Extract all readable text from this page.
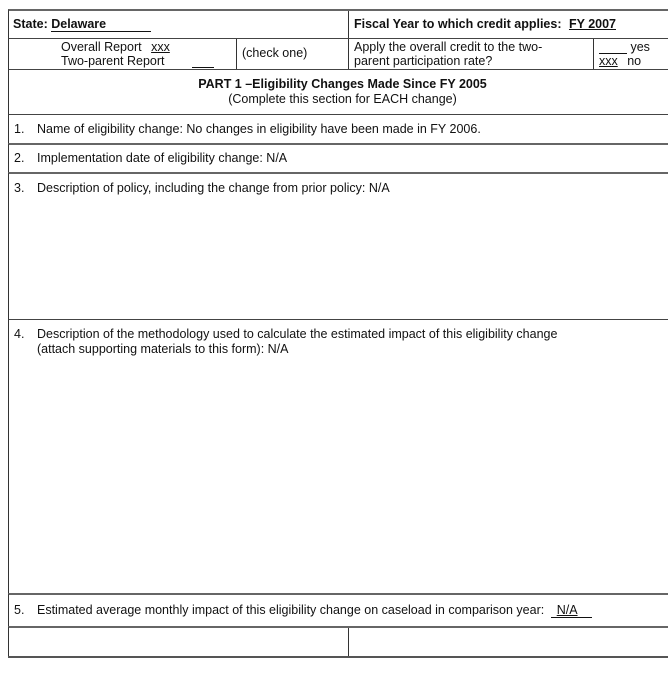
State: Delaware	Fiscal Year to which credit applies: FY 2007
Overall Report xxx
Two-parent Report
(check one)	Apply the overall credit to the two-
parent participation rate?
yes
xxx no
PART 1 –Eligibility Changes Made Since FY 2005
(Complete this section for EACH change)
1. Name of eligibility change: No changes in eligibility have been made in FY 2006.
2. Implementation date of eligibility change: N/A
3. Description of policy, including the change from prior policy: N/A
4. Description of the methodology used to calculate the estimated impact of this eligibility change
(attach supporting materials to this form): N/A
5. Estimated average monthly impact of this eligibility change on caseload in comparison year: N/A
